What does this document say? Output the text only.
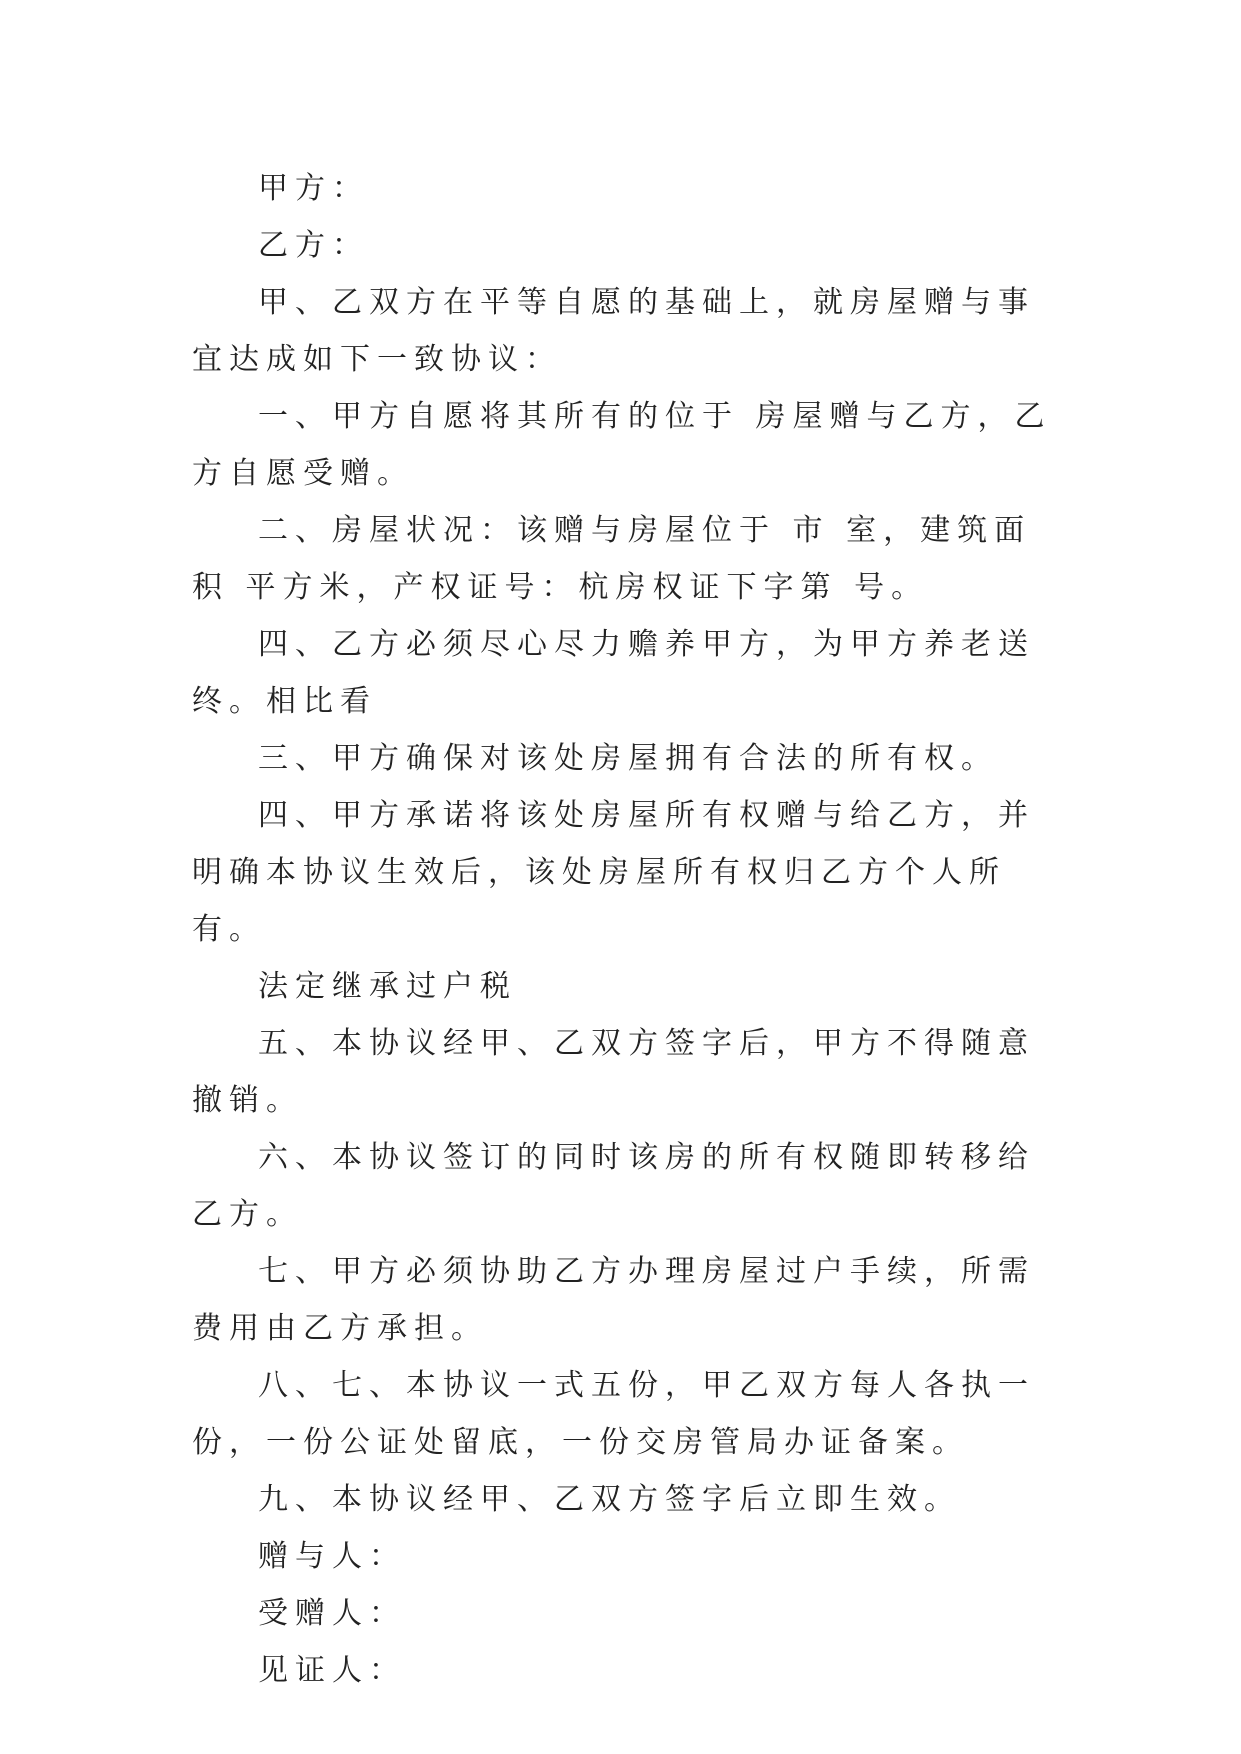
甲方：

乙方：

甲、乙双方在平等自愿的基础上，就房屋赠与事宜达成如下一致协议：

一、甲方自愿将其所有的位于 房屋赠与乙方，乙方自愿受赠。

二、房屋状况：该赠与房屋位于 市 室，建筑面积 平方米，产权证号：杭房权证下字第 号。

四、乙方必须尽心尽力赡养甲方，为甲方养老送终。相比看

三、甲方确保对该处房屋拥有合法的所有权。

四、甲方承诺将该处房屋所有权赠与给乙方，并明确本协议生效后，该处房屋所有权归乙方个人所有。

法定继承过户税

五、本协议经甲、乙双方签字后，甲方不得随意撤销。

六、本协议签订的同时该房的所有权随即转移给乙方。

七、甲方必须协助乙方办理房屋过户手续，所需费用由乙方承担。

八、七、本协议一式五份，甲乙双方每人各执一份，一份公证处留底，一份交房管局办证备案。

九、本协议经甲、乙双方签字后立即生效。

赠与人：

受赠人：

见证人：
